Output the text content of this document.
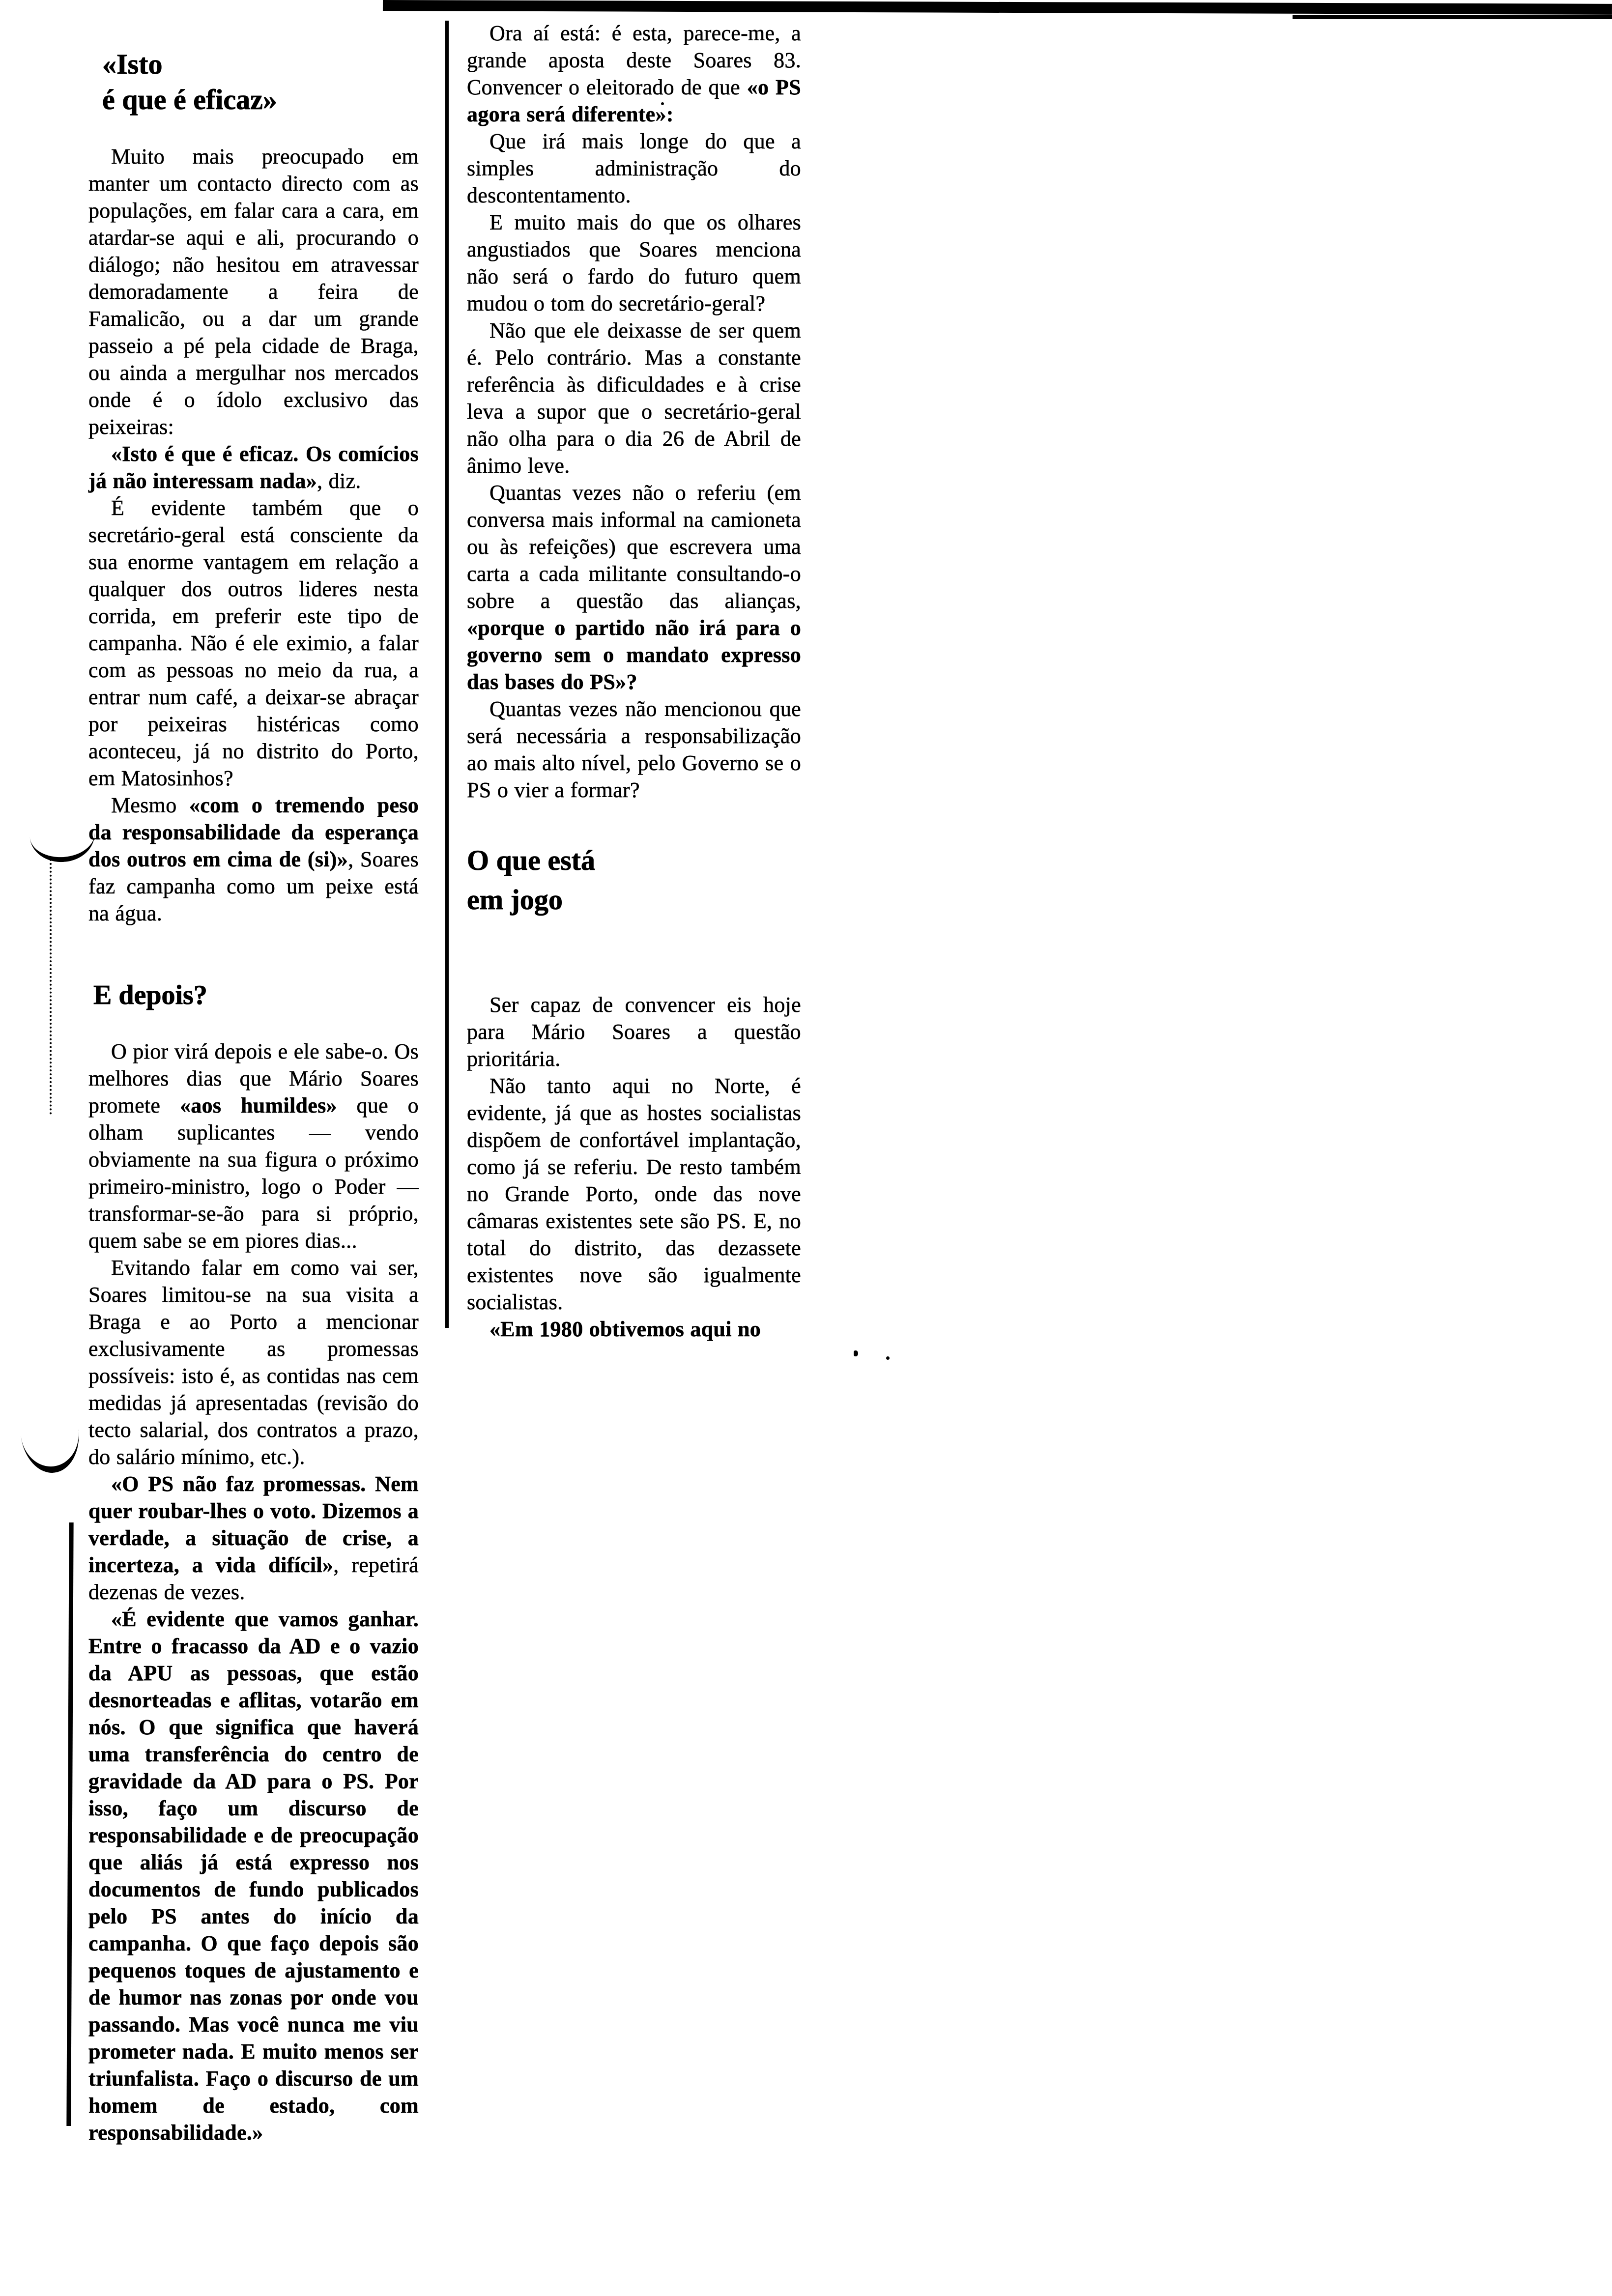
«Isto
é que é eficaz»

Muito mais preocupado em manter um contacto directo com as populações, em falar cara a cara, em atardar-se aqui e ali, procurando o diálogo; não hesitou em atravessar demoradamente a feira de Famalicão, ou a dar um grande passeio a pé pela cidade de Braga, ou ainda a mergulhar nos mercados onde é o ídolo exclusivo das peixeiras:

«Isto é que é eficaz. Os comícios já não interessam nada», diz.

É evidente também que o secretário-geral está consciente da sua enorme vantagem em relação a qualquer dos outros lideres nesta corrida, em preferir este tipo de campanha. Não é ele eximio, a falar com as pessoas no meio da rua, a entrar num café, a deixar-se abraçar por peixeiras histéricas como aconteceu, já no distrito do Porto, em Matosinhos?

Mesmo «com o tremendo peso da responsabilidade da esperança dos outros em cima de (si)», Soares faz campanha como um peixe está na água.

E depois?

O pior virá depois e ele sabe-o. Os melhores dias que Mário Soares promete «aos humildes» que o olham suplicantes — vendo obviamente na sua figura o próximo primeiro-ministro, logo o Poder — transformar-se-ão para si próprio, quem sabe se em piores dias...

Evitando falar em como vai ser, Soares limitou-se na sua visita a Braga e ao Porto a mencionar exclusivamente as promessas possíveis: isto é, as contidas nas cem medidas já apresentadas (revisão do tecto salarial, dos contratos a prazo, do salário mínimo, etc.).

«O PS não faz promessas. Nem quer roubar-lhes o voto. Dizemos a verdade, a situação de crise, a incerteza, a vida difícil», repetirá dezenas de vezes.

«É evidente que vamos ganhar. Entre o fracasso da AD e o vazio da APU as pessoas, que estão desnorteadas e aflitas, votarão em nós. O que significa que haverá uma transferência do centro de gravidade da AD para o PS. Por isso, faço um discurso de responsabilidade e de preocupação que aliás já está expresso nos documentos de fundo publicados pelo PS antes do início da campanha. O que faço depois são pequenos toques de ajustamento e de humor nas zonas por onde vou passando. Mas você nunca me viu prometer nada. E muito menos ser triunfalista. Faço o discurso de um homem de estado, com responsabilidade.»

Ora aí está: é esta, parece-me, a grande aposta deste Soares 83. Convencer o eleitorado de que «o PS agora será diferente»:

Que irá mais longe do que a simples administração do descontentamento.

E muito mais do que os olhares angustiados que Soares menciona não será o fardo do futuro quem mudou o tom do secretário-geral?

Não que ele deixasse de ser quem é. Pelo contrário. Mas a constante referência às dificuldades e à crise leva a supor que o secretário-geral não olha para o dia 26 de Abril de ânimo leve.

Quantas vezes não o referiu (em conversa mais informal na camioneta ou às refeições) que escrevera uma carta a cada militante consultando-o sobre a questão das alianças, «porque o partido não irá para o governo sem o mandato expresso das bases do PS»?

Quantas vezes não mencionou que será necessária a responsabilização ao mais alto nível, pelo Governo se o PS o vier a formar?

O que está
em jogo

Ser capaz de convencer eis hoje para Mário Soares a questão prioritária.

Não tanto aqui no Norte, é evidente, já que as hostes socialistas dispõem de confortável implantação, como já se referiu. De resto também no Grande Porto, onde das nove câmaras existentes sete são PS. E, no total do distrito, das dezassete existentes nove são igualmente socialistas.

«Em 1980 obtivemos aqui no
